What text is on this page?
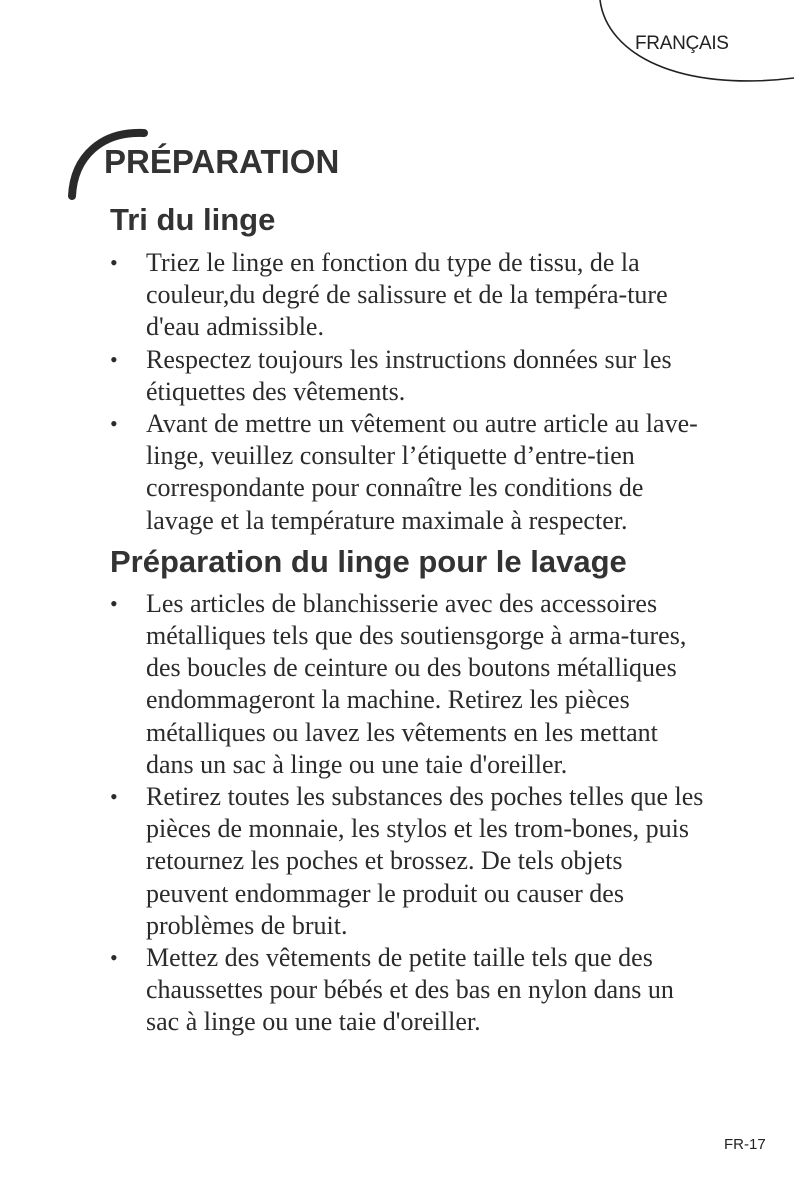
FRANÇAIS
PRÉPARATION
Tri du linge
• Triez le linge en fonction du type de tissu, de la couleur,du degré de salissure et de la tempéra-ture d'eau admissible.
• Respectez toujours les instructions données sur les étiquettes des vêtements.
• Avant de mettre un vêtement ou autre article au lave-linge, veuillez consulter l’étiquette d’entre-tien correspondante pour connaître les conditions de lavage et la température maximale à respecter.
Préparation du linge pour le lavage
• Les articles de blanchisserie avec des accessoires métalliques tels que des soutiensgorge à arma-tures, des boucles de ceinture ou des boutons métalliques endommageront la machine. Retirez les pièces métalliques ou lavez les vêtements en les mettant dans un sac à linge ou une taie d'oreiller.
• Retirez toutes les substances des poches telles que les pièces de monnaie, les stylos et les trom-bones, puis retournez les poches et brossez. De tels objets peuvent endommager le produit ou causer des problèmes de bruit.
• Mettez des vêtements de petite taille tels que des chaussettes pour bébés et des bas en nylon dans un sac à linge ou une taie d'oreiller.
FR-17
